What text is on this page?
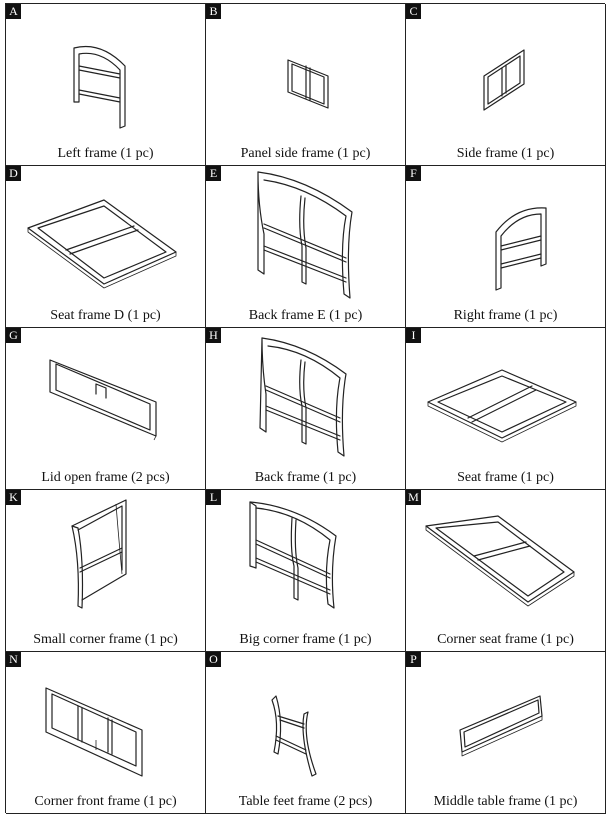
A
Left frame (1 pc)
B
Panel side frame (1 pc)
C
Side frame (1 pc)
D
Seat frame D (1 pc)
E
Back frame E (1 pc)
F
Right frame (1 pc)
G
Lid open frame (2 pcs)
H
Back frame (1 pc)
I
Seat frame (1 pc)
K
Small corner frame (1 pc)
L
Big corner frame (1 pc)
M
Corner seat frame (1 pc)
N
Corner front frame (1 pc)
O
Table feet frame (2 pcs)
P
Middle table frame (1 pc)
